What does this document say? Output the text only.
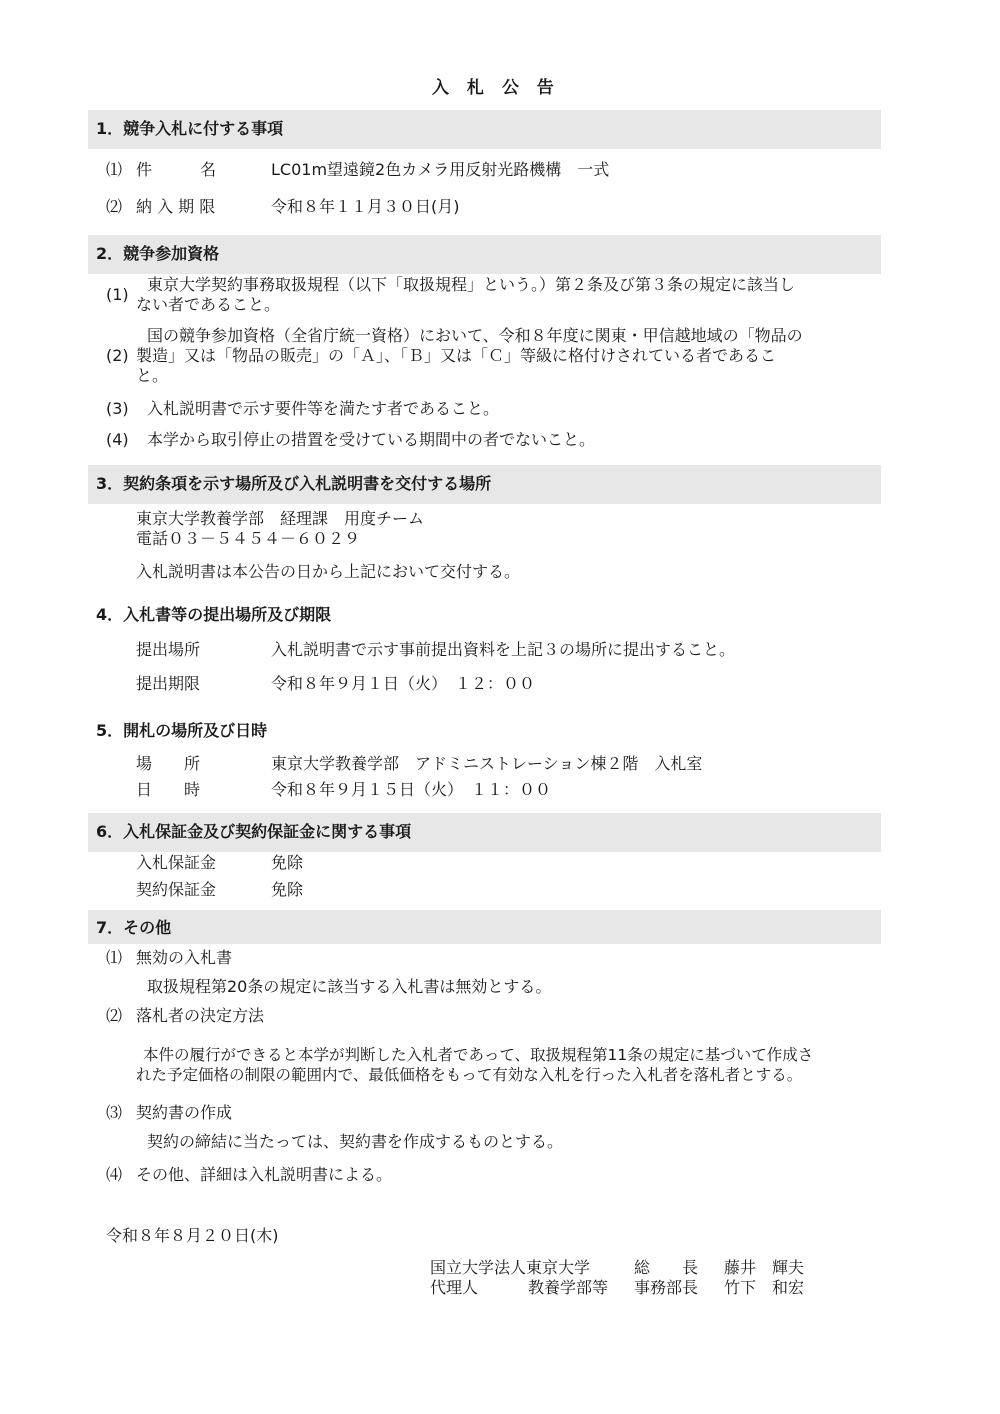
入 札 公 告
1．競争入札に付する事項
⑴ 件　　　名	LC01m望遠鏡2色カメラ用反射光路機構　一式
⑵ 納 入 期 限	令和８年１１月３０日(月)
2．競争参加資格
(1)
東京大学契約事務取扱規程（以下「取扱規程」という。）第２条及び第３条の規定に該当し
ない者であること。
(2)
国の競争参加資格（全省庁統一資格）において、令和８年度に関東・甲信越地域の「物品の
製造」又は「物品の販売」の「Ａ」、「Ｂ」又は「Ｃ」等級に格付けされている者であるこ
と。
(3) 入札説明書で示す要件等を満たす者であること。
(4) 本学から取引停止の措置を受けている期間中の者でないこと。
3．契約条項を示す場所及び入札説明書を交付する場所
東京大学教養学部　経理課　用度チーム
電話０３－５４５４－６０２９
入札説明書は本公告の日から上記において交付する。
4．入札書等の提出場所及び期限
提出場所	入札説明書で示す事前提出資料を上記３の場所に提出すること。
提出期限	令和８年９月１日（火）　１２：００
5．開札の場所及び日時
場　　所	東京大学教養学部　アドミニストレーション棟２階　入札室
日　　時	令和８年９月１５日（火）　１１：００
6．入札保証金及び契約保証金に関する事項
入札保証金	免除
契約保証金	免除
7．その他
⑴ 無効の入札書
取扱規程第20条の規定に該当する入札書は無効とする。
⑵ 落札者の決定方法
本件の履行ができると本学が判断した入札者であって、取扱規程第11条の規定に基づいて作成さ
れた予定価格の制限の範囲内で、最低価格をもって有効な入札を行った入札者を落札者とする。
⑶ 契約書の作成
契約の締結に当たっては、契約書を作成するものとする。
⑷ その他、詳細は入札説明書による。
令和８年８月２０日(木)
国立大学法人東京大学	総　　長 藤井　輝夫
代理人	教養学部等 事務部長 竹下　和宏
